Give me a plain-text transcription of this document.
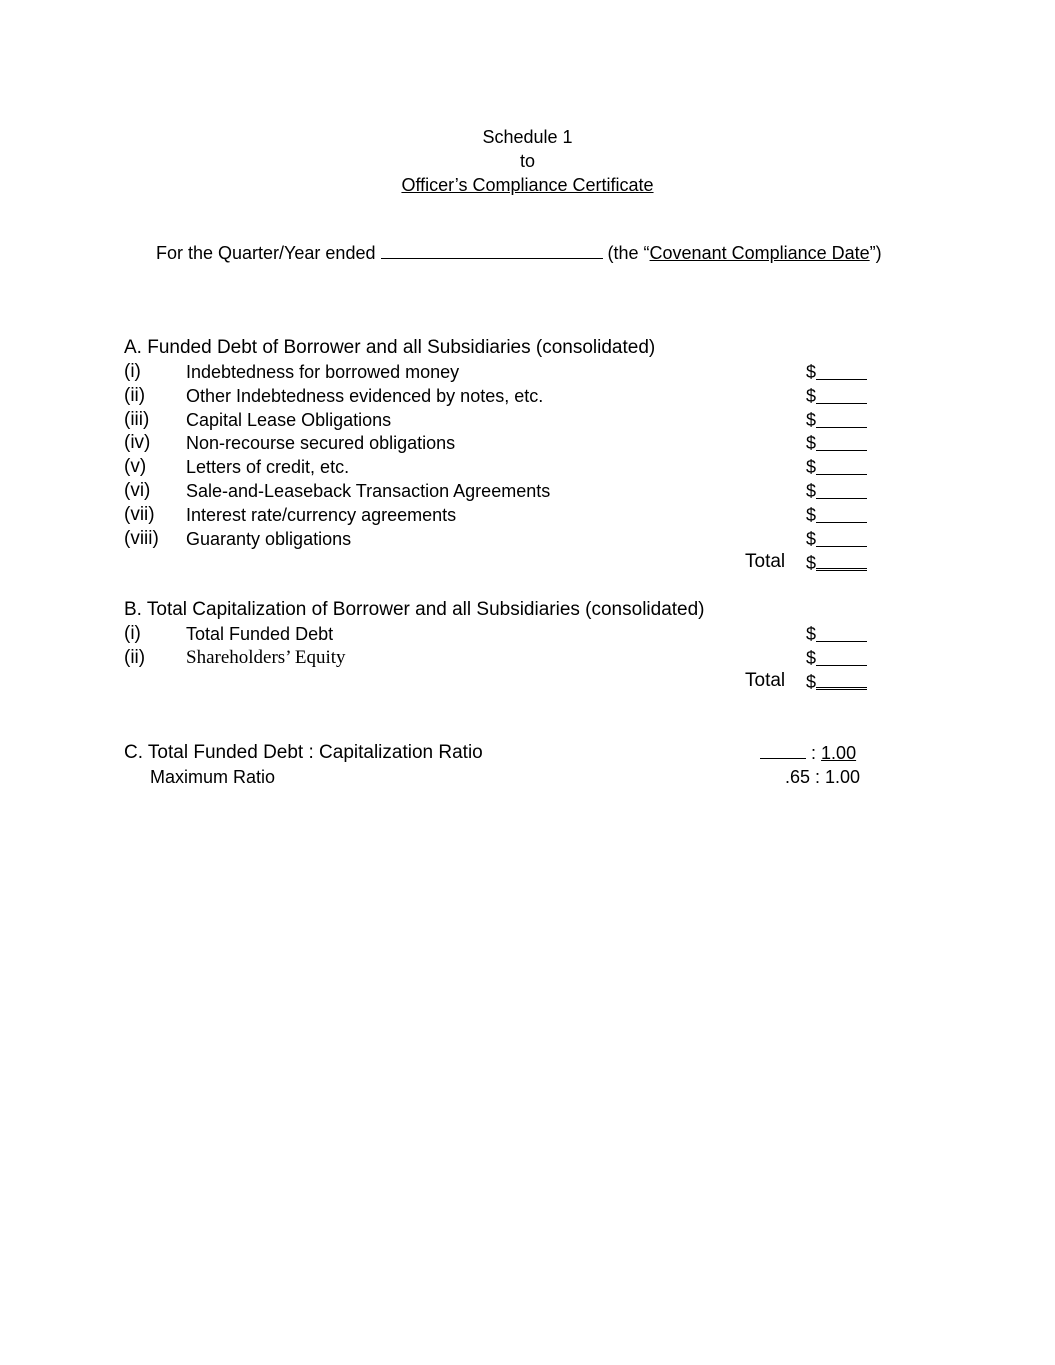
Schedule 1
to
Officer’s Compliance Certificate
For the Quarter/Year ended	(the “Covenant Compliance Date”)
A. Funded Debt of Borrower and all Subsidiaries (consolidated)
(i)	Indebtedness for borrowed money	$
(ii) Other Indebtedness evidenced by notes, etc.	$
(iii) Capital Lease Obligations	$
(iv) Non-recourse secured obligations	$
(v) Letters of credit, etc.	$
(vi) Sale-and-Leaseback Transaction Agreements	$
(vii) Interest rate/currency agreements	$
(viii) Guaranty obligations	$
Total $
B. Total Capitalization of Borrower and all Subsidiaries (consolidated)
(i)	Total Funded Debt	$
(ii) Shareholders’ Equity	$
Total $
C. Total Funded Debt : Capitalization Ratio	: 1.00
Maximum Ratio	.65 : 1.00
